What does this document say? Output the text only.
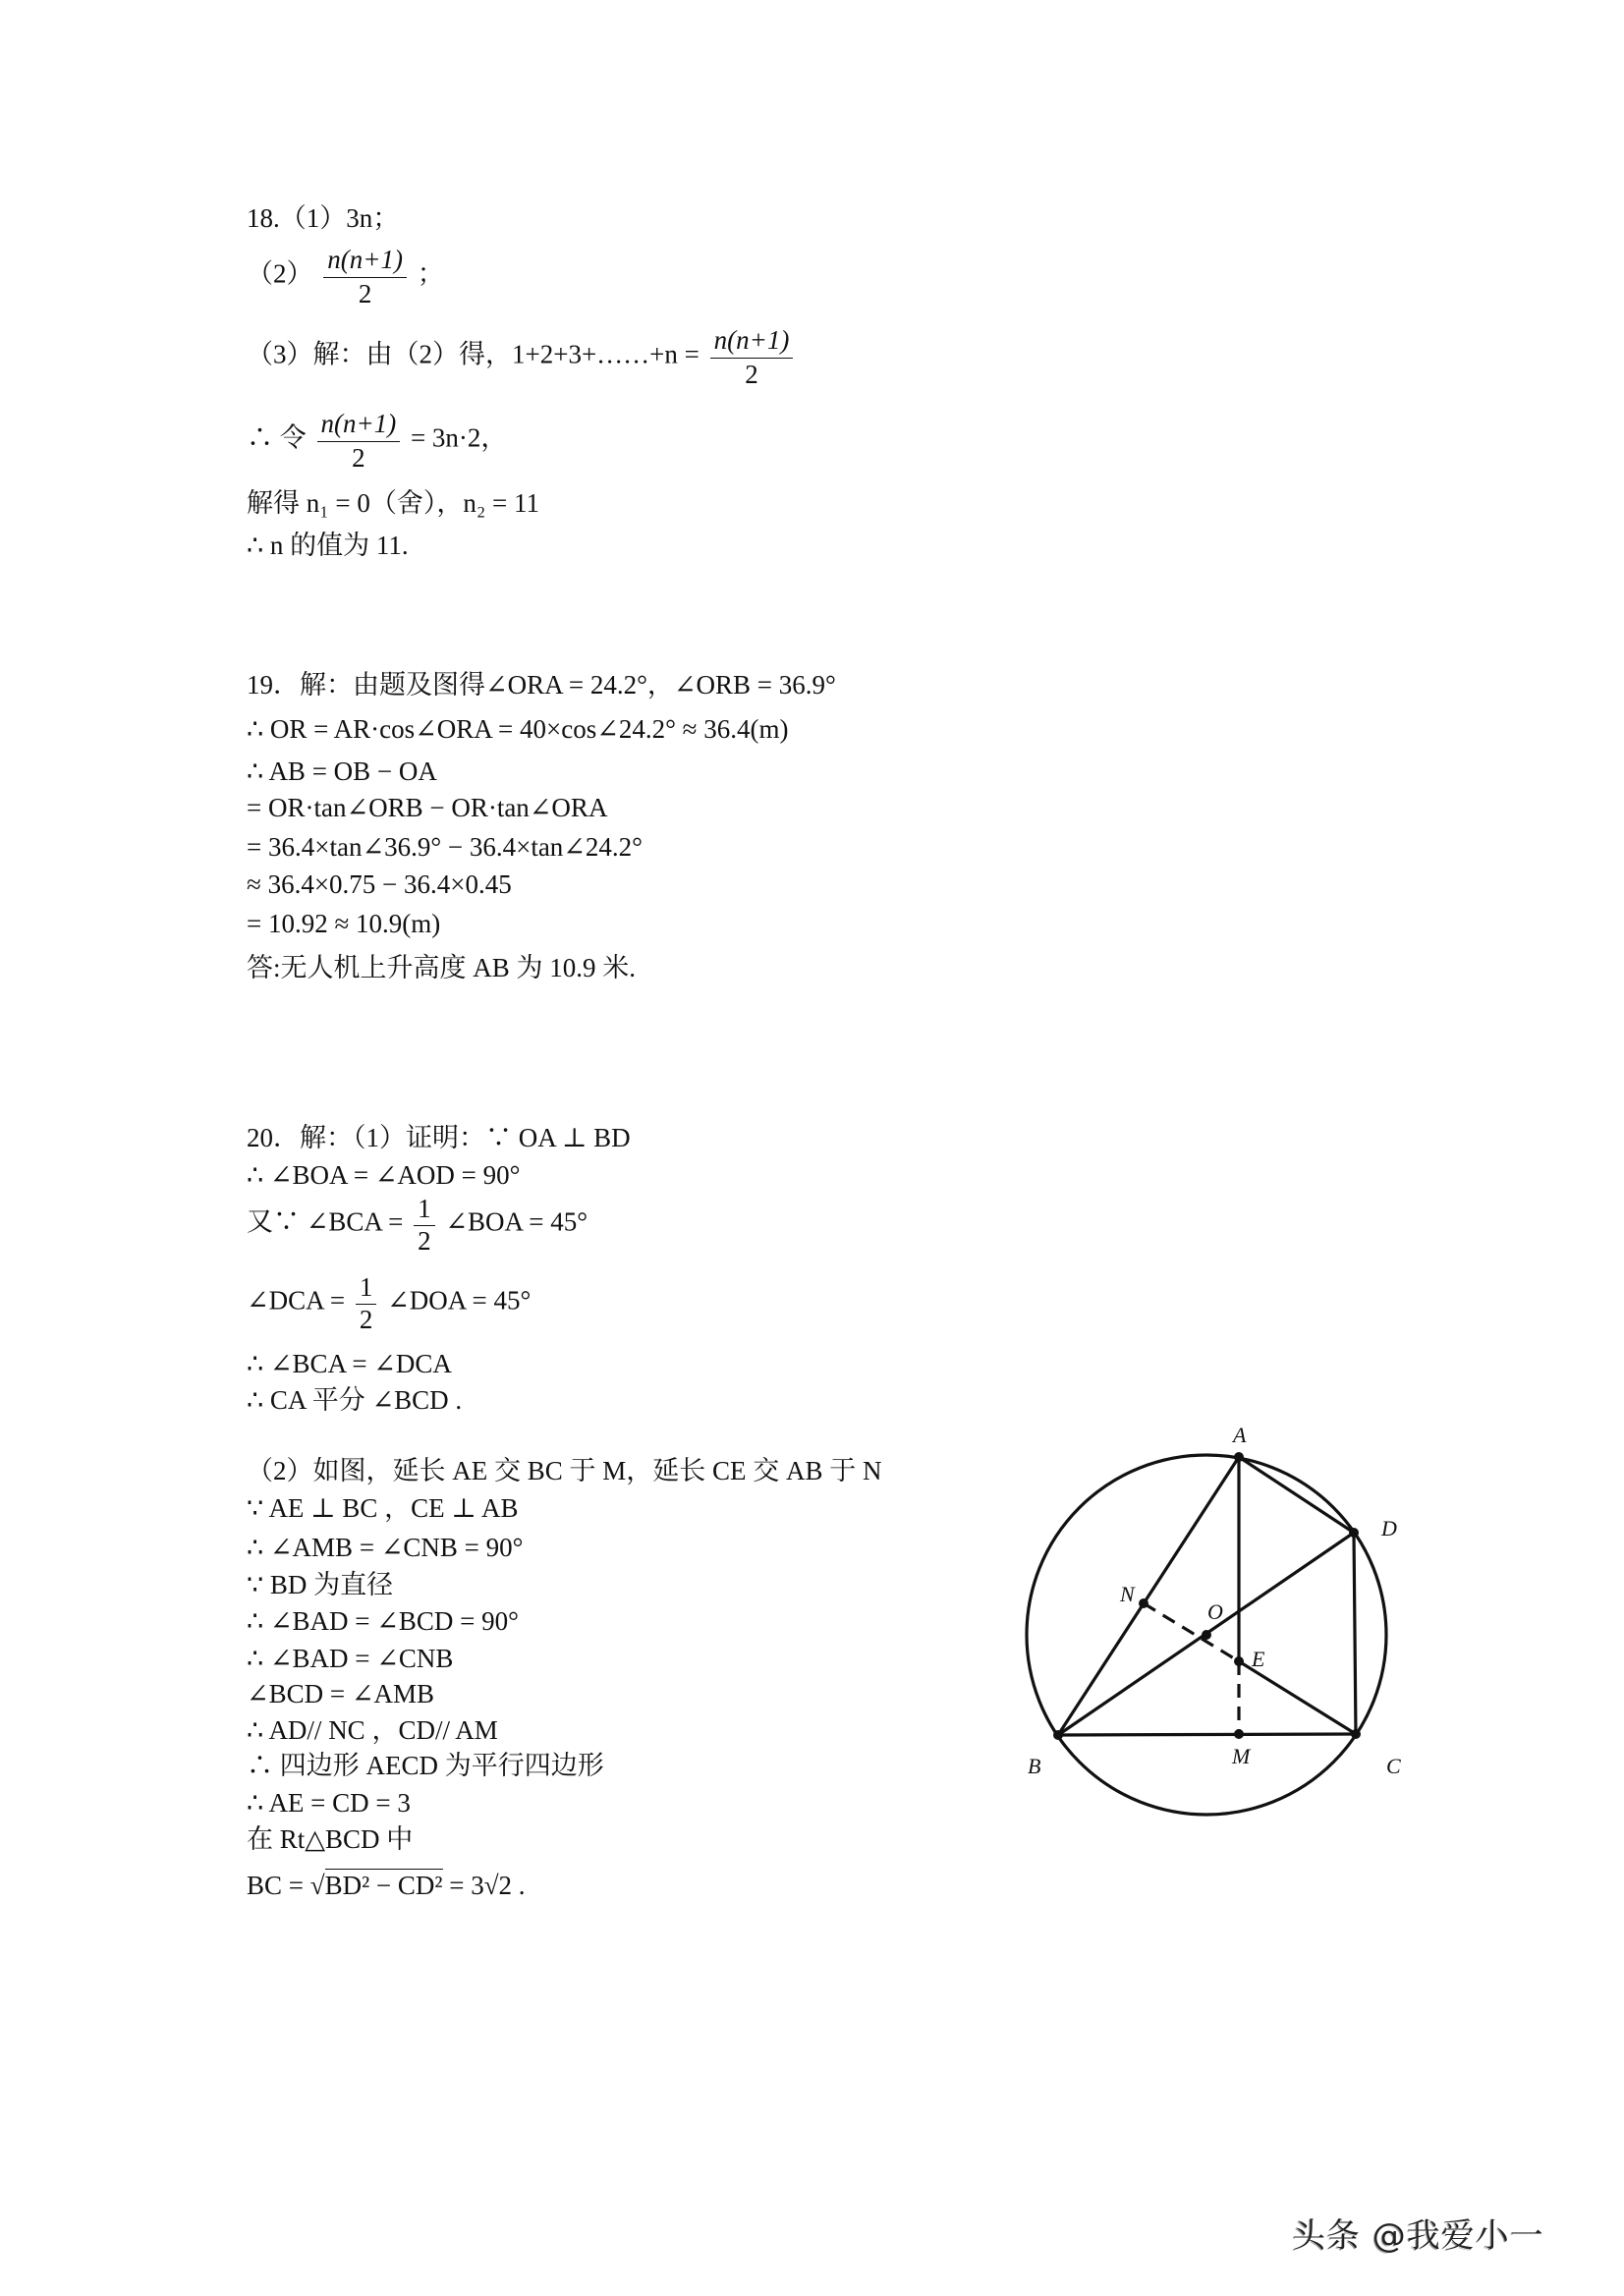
18.（1）3n；
$(2) \frac{n(n+1)}{2}$ ；
（3）解：由（2）得，1+2+3+……+n = $\frac{n(n+1)}{2}$
∴ 令 $\frac{n(n+1)}{2} = 3n\cdot 2$，
解得 n₁ = 0（舍），n₂ = 11
∴ n 的值为 11.
19．解：由题及图得∠ORA = 24.2°，∠ORB = 36.9°
∴ OR = AR·cos∠ORA = 40×cos∠24.2° ≈ 36.4(m)
∴ AB = OB − OA
= OR·tan∠ORB − OR·tan∠ORA
= 36.4×tan∠36.9° − 36.4×tan∠24.2°
≈ 36.4×0.75 − 36.4×0.45
= 10.92 ≈ 10.9(m)
答:无人机上升高度 AB 为 10.9 米.
20．解：（1）证明：∵ OA ⊥ BD
∴ ∠BOA = ∠AOD = 90°
又∵ ∠BCA = $\frac{1}{2}$ ∠BOA = 45°
∠DCA = $\frac{1}{2}$ ∠DOA = 45°
∴ ∠BCA = ∠DCA
∴ CA 平分 ∠BCD .
（2）如图，延长 AE 交 BC 于 M，延长 CE 交 AB 于 N
∵ AE ⊥ BC ，CE ⊥ AB
∴ ∠AMB = ∠CNB = 90°
∵ BD 为直径
∴ ∠BAD = ∠BCD = 90°
∴ ∠BAD = ∠CNB
∠BCD = ∠AMB
∴ AD// NC ，CD// AM
∴ 四边形 AECD 为平行四边形
∴ AE = CD = 3
在 Rt△BCD 中
BC = √BD² − CD² = 3√2 .
A
D
N
O
E
M
B	C
头条 @我爱小一
